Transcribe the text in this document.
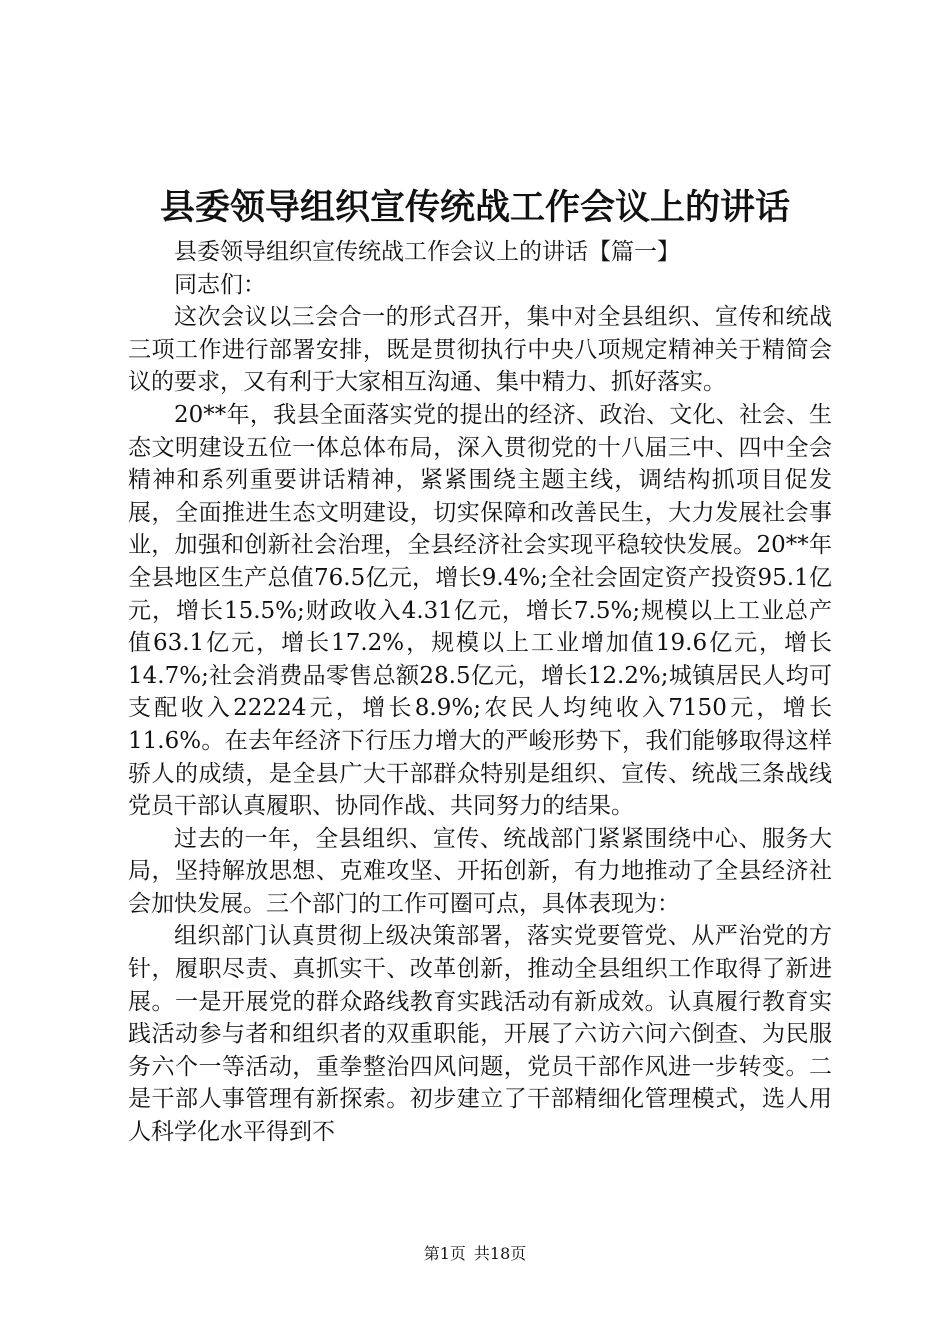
县委领导组织宣传统战工作会议上的讲话

县委领导组织宣传统战工作会议上的讲话【篇一】

同志们：

这次会议以三会合一的形式召开，集中对全县组织、宣传和统战三项工作进行部署安排，既是贯彻执行中央八项规定精神关于精简会议的要求，又有利于大家相互沟通、集中精力、抓好落实。

20**年，我县全面落实党的提出的经济、政治、文化、社会、生态文明建设五位一体总体布局，深入贯彻党的十八届三中、四中全会精神和系列重要讲话精神，紧紧围绕主题主线，调结构抓项目促发展，全面推进生态文明建设，切实保障和改善民生，大力发展社会事业，加强和创新社会治理，全县经济社会实现平稳较快发展。20**年全县地区生产总值76.5亿元，增长9.4%;全社会固定资产投资95.1亿元，增长15.5%;财政收入4.31亿元，增长7.5%;规模以上工业总产值63.1亿元，增长17.2%，规模以上工业增加值19.6亿元，增长14.7%;社会消费品零售总额28.5亿元，增长12.2%;城镇居民人均可支配收入22224元，增长8.9%;农民人均纯收入7150元，增长11.6%。在去年经济下行压力增大的严峻形势下，我们能够取得这样骄人的成绩，是全县广大干部群众特别是组织、宣传、统战三条战线党员干部认真履职、协同作战、共同努力的结果。

过去的一年，全县组织、宣传、统战部门紧紧围绕中心、服务大局，坚持解放思想、克难攻坚、开拓创新，有力地推动了全县经济社会加快发展。三个部门的工作可圈可点，具体表现为：

组织部门认真贯彻上级决策部署，落实党要管党、从严治党的方针，履职尽责、真抓实干、改革创新，推动全县组织工作取得了新进展。一是开展党的群众路线教育实践活动有新成效。认真履行教育实践活动参与者和组织者的双重职能，开展了六访六问六倒查、为民服务六个一等活动，重拳整治四风问题，党员干部作风进一步转变。二是干部人事管理有新探索。初步建立了干部精细化管理模式，选人用人科学化水平得到不

第1页 共18页
